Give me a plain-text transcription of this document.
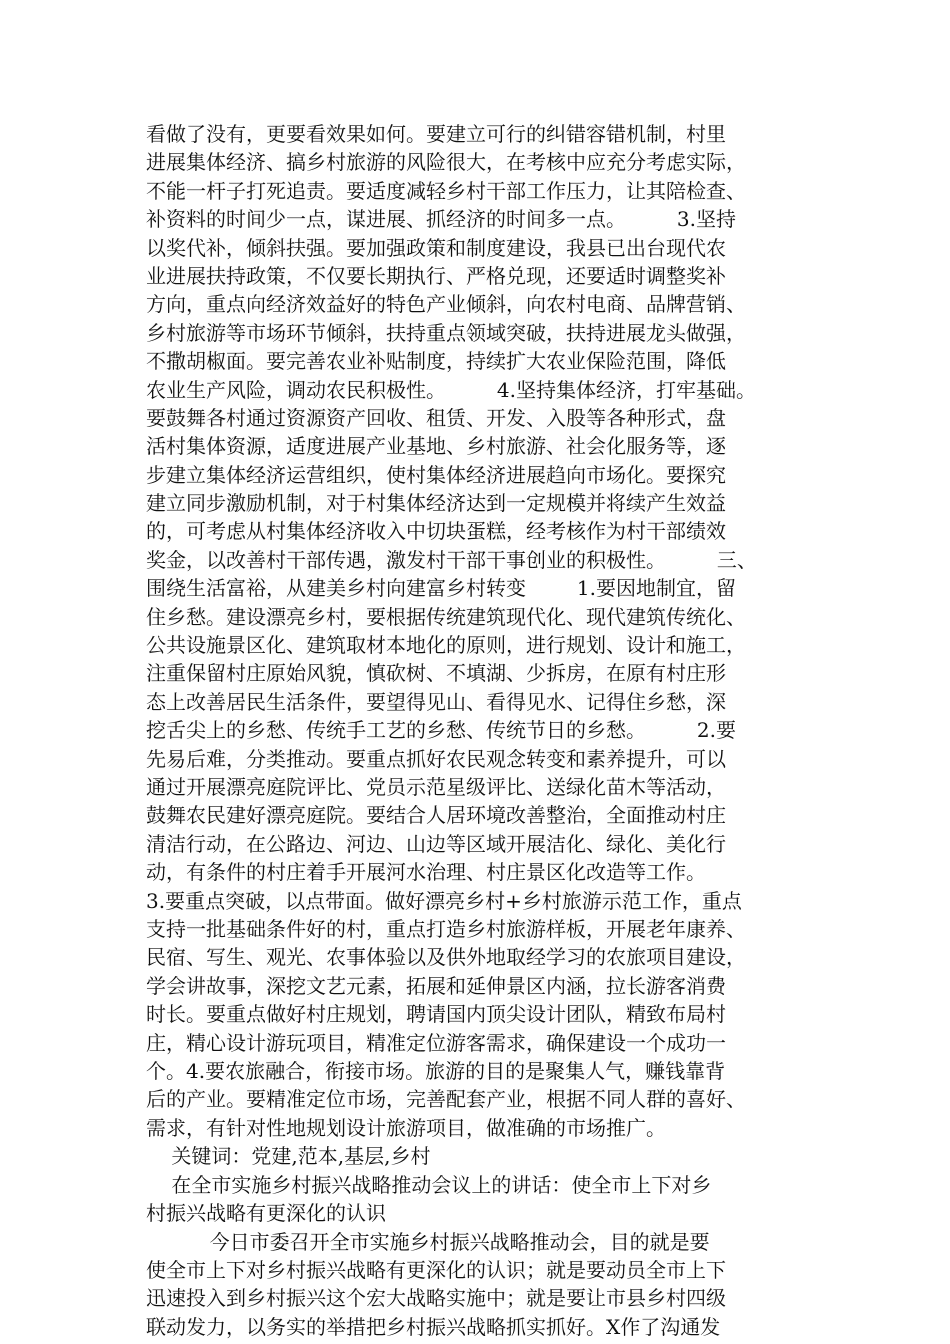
看做了没有，更要看效果如何。要建立可行的纠错容错机制，村里
进展集体经济、搞乡村旅游的风险很大，在考核中应充分考虑实际，
不能一杆子打死追责。要适度减轻乡村干部工作压力，让其陪检查、
补资料的时间少一点，谋进展、抓经济的时间多一点。        3.坚持
以奖代补，倾斜扶强。要加强政策和制度建设，我县已出台现代农
业进展扶持政策，不仅要长期执行、严格兑现，还要适时调整奖补
方向，重点向经济效益好的特色产业倾斜，向农村电商、品牌营销、
乡村旅游等市场环节倾斜，扶持重点领域突破，扶持进展龙头做强，
不撒胡椒面。要完善农业补贴制度，持续扩大农业保险范围，降低
农业生产风险，调动农民积极性。        4.坚持集体经济，打牢基础。
要鼓舞各村通过资源资产回收、租赁、开发、入股等各种形式，盘
活村集体资源，适度进展产业基地、乡村旅游、社会化服务等，逐
步建立集体经济运营组织，使村集体经济进展趋向市场化。要探究
建立同步激励机制，对于村集体经济达到一定规模并将续产生效益
的，可考虑从村集体经济收入中切块蛋糕，经考核作为村干部绩效
奖金，以改善村干部传遇，激发村干部干事创业的积极性。        三、
围绕生活富裕，从建美乡村向建富乡村转变        1.要因地制宜，留
住乡愁。建设漂亮乡村，要根据传统建筑现代化、现代建筑传统化、
公共设施景区化、建筑取材本地化的原则，进行规划、设计和施工，
注重保留村庄原始风貌，慎砍树、不填湖、少拆房，在原有村庄形
态上改善居民生活条件，要望得见山、看得见水、记得住乡愁，深
挖舌尖上的乡愁、传统手工艺的乡愁、传统节日的乡愁。        2.要
先易后难，分类推动。要重点抓好农民观念转变和素养提升，可以
通过开展漂亮庭院评比、党员示范星级评比、送绿化苗木等活动，
鼓舞农民建好漂亮庭院。要结合人居环境改善整治，全面推动村庄
清洁行动，在公路边、河边、山边等区域开展洁化、绿化、美化行
动，有条件的村庄着手开展河水治理、村庄景区化改造等工作。
3.要重点突破，以点带面。做好漂亮乡村+乡村旅游示范工作，重点
支持一批基础条件好的村，重点打造乡村旅游样板，开展老年康养、
民宿、写生、观光、农事体验以及供外地取经学习的农旅项目建设，
学会讲故事，深挖文艺元素，拓展和延伸景区内涵，拉长游客消费
时长。要重点做好村庄规划，聘请国内顶尖设计团队，精致布局村
庄，精心设计游玩项目，精准定位游客需求，确保建设一个成功一
个。4.要农旅融合，衔接市场。旅游的目的是聚集人气，赚钱靠背
后的产业。要精准定位市场，完善配套产业，根据不同人群的喜好、
需求，有针对性地规划设计旅游项目，做准确的市场推广。
关键词：党建,范本,基层,乡村
在全市实施乡村振兴战略推动会议上的讲话：使全市上下对乡
村振兴战略有更深化的认识
今日市委召开全市实施乡村振兴战略推动会，目的就是要
使全市上下对乡村振兴战略有更深化的认识；就是要动员全市上下
迅速投入到乡村振兴这个宏大战略实施中；就是要让市县乡村四级
联动发力，以务实的举措把乡村振兴战略抓实抓好。X作了沟通发
